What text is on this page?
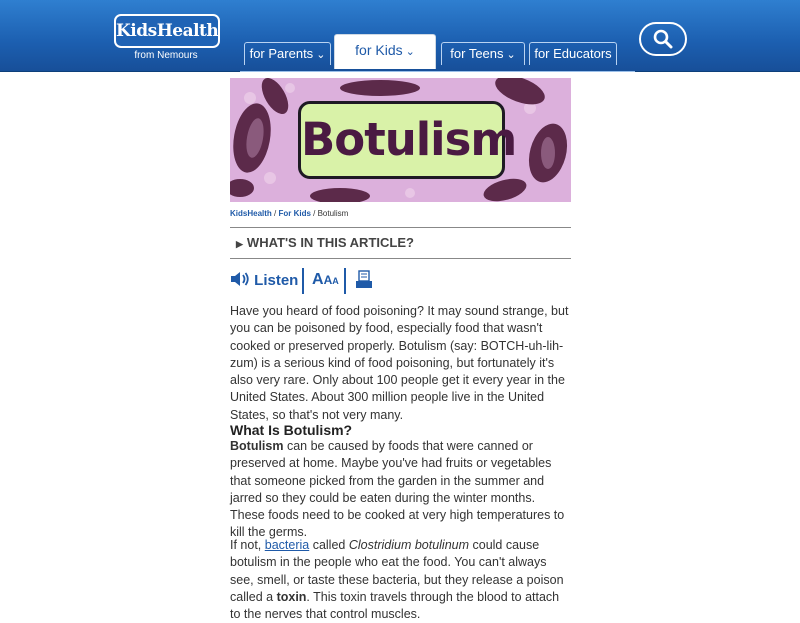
KidsHealth
from Nemours	for Parents ⌄	for Kids ⌄	for Teens ⌄	for Educators
Botulism
KidsHealth / For Kids / Botulism
▶ WHAT'S IN THIS ARTICLE?
Listen AAA

Have you heard of food poisoning? It may sound strange, but you can be poisoned by food, especially food that wasn't cooked or preserved properly. Botulism (say: BOTCH-uh-lih-zum) is a serious kind of food poisoning, but fortunately it's also very rare. Only about 100 people get it every year in the United States. About 300 million people live in the United States, so that's not very many.

What Is Botulism?

Botulism can be caused by foods that were canned or preserved at home. Maybe you've had fruits or vegetables that someone picked from the garden in the summer and jarred so they could be eaten during the winter months. These foods need to be cooked at very high temperatures to kill the germs.

If not, bacteria called Clostridium botulinum could cause botulism in the people who eat the food. You can't always see, smell, or taste these bacteria, but they release a poison called a toxin. This toxin travels through the blood to attach to the nerves that control muscles.
